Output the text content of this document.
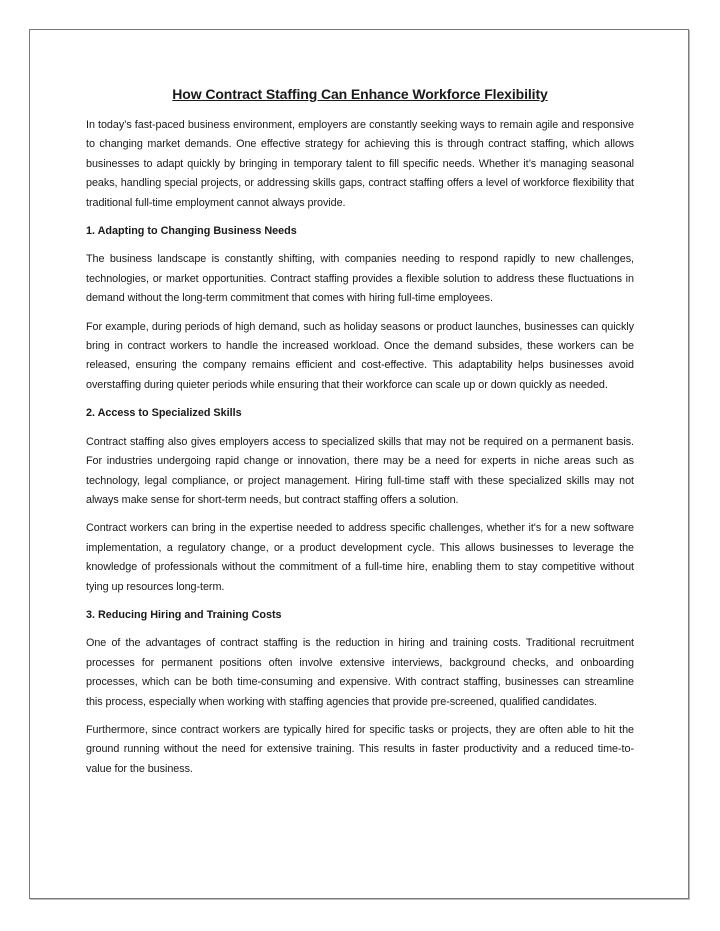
How Contract Staffing Can Enhance Workforce Flexibility

In today’s fast-paced business environment, employers are constantly seeking ways to remain agile and responsive to changing market demands. One effective strategy for achieving this is through contract staffing, which allows businesses to adapt quickly by bringing in temporary talent to fill specific needs. Whether it’s managing seasonal peaks, handling special projects, or addressing skills gaps, contract staffing offers a level of workforce flexibility that traditional full-time employment cannot always provide.

1. Adapting to Changing Business Needs

The business landscape is constantly shifting, with companies needing to respond rapidly to new challenges, technologies, or market opportunities. Contract staffing provides a flexible solution to address these fluctuations in demand without the long-term commitment that comes with hiring full-time employees.

For example, during periods of high demand, such as holiday seasons or product launches, businesses can quickly bring in contract workers to handle the increased workload. Once the demand subsides, these workers can be released, ensuring the company remains efficient and cost-effective. This adaptability helps businesses avoid overstaffing during quieter periods while ensuring that their workforce can scale up or down quickly as needed.

2. Access to Specialized Skills

Contract staffing also gives employers access to specialized skills that may not be required on a permanent basis. For industries undergoing rapid change or innovation, there may be a need for experts in niche areas such as technology, legal compliance, or project management. Hiring full-time staff with these specialized skills may not always make sense for short-term needs, but contract staffing offers a solution.

Contract workers can bring in the expertise needed to address specific challenges, whether it's for a new software implementation, a regulatory change, or a product development cycle. This allows businesses to leverage the knowledge of professionals without the commitment of a full-time hire, enabling them to stay competitive without tying up resources long-term.

3. Reducing Hiring and Training Costs

One of the advantages of contract staffing is the reduction in hiring and training costs. Traditional recruitment processes for permanent positions often involve extensive interviews, background checks, and onboarding processes, which can be both time-consuming and expensive. With contract staffing, businesses can streamline this process, especially when working with staffing agencies that provide pre-screened, qualified candidates.

Furthermore, since contract workers are typically hired for specific tasks or projects, they are often able to hit the ground running without the need for extensive training. This results in faster productivity and a reduced time-to-value for the business.
